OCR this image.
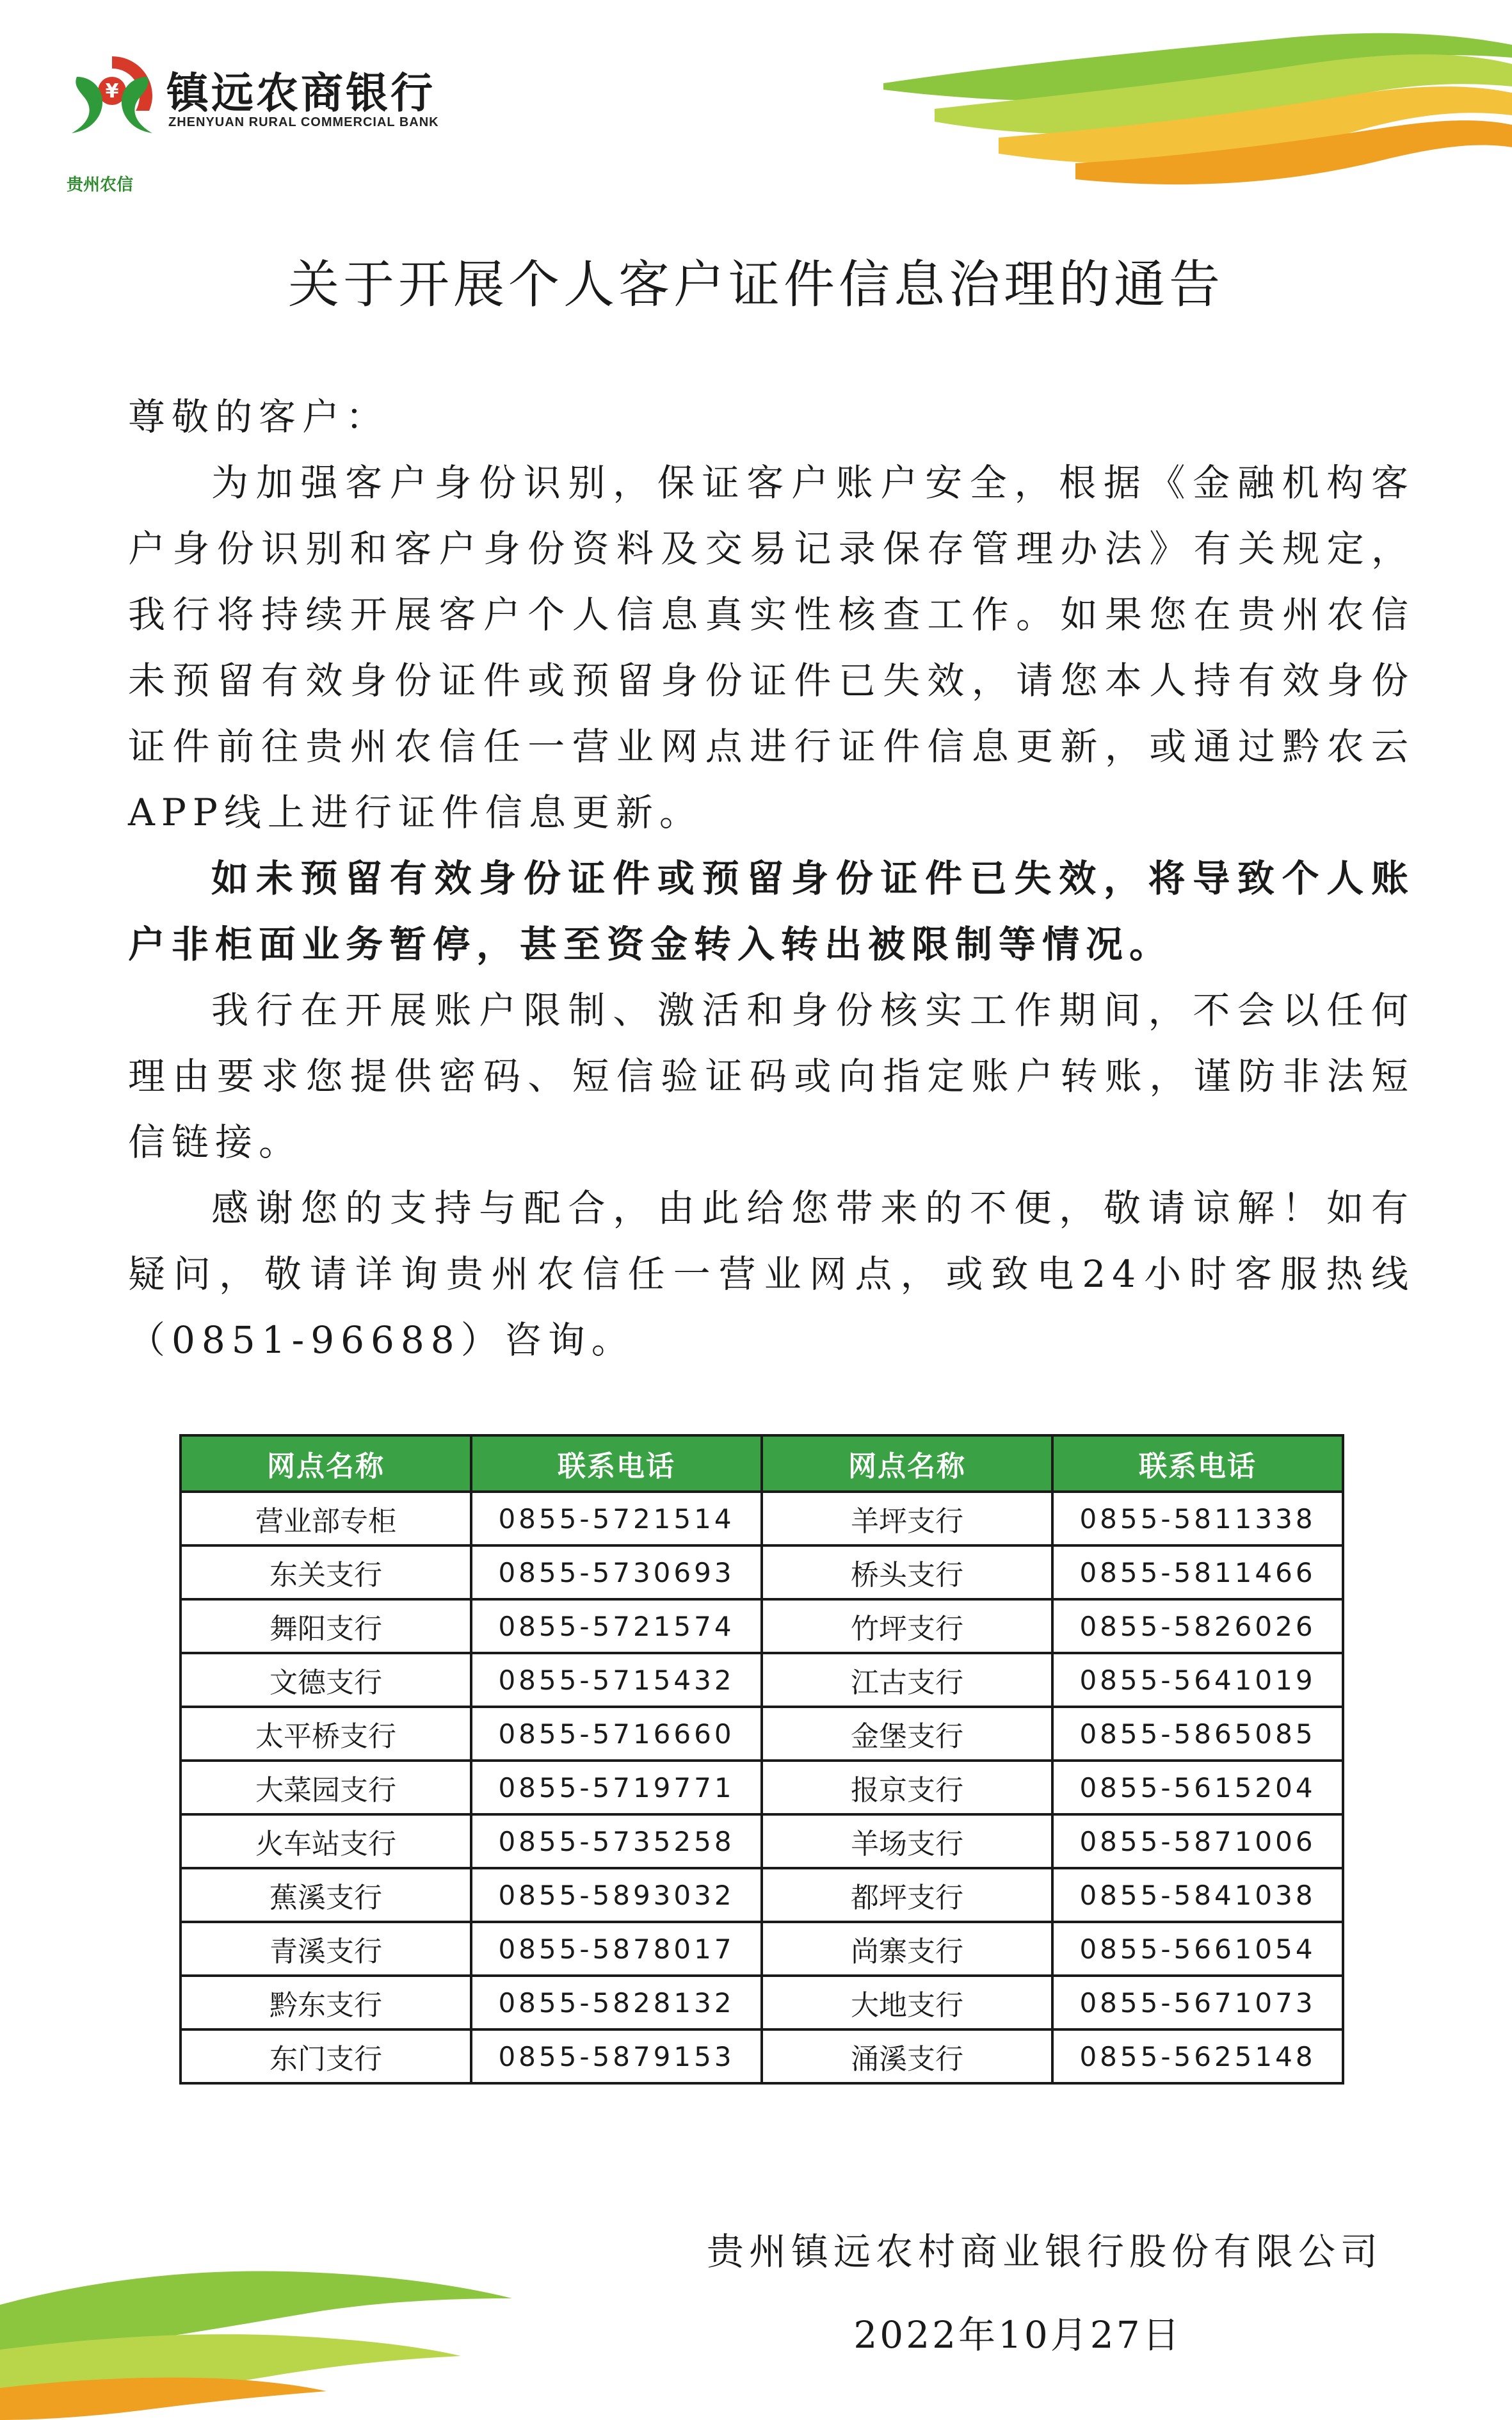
¥ 镇远农商银行
ZHENYUAN RURAL COMMERCIAL BANK
贵州农信
关于开展个人客户证件信息治理的通告

尊敬的客户：

为加强客户身份识别，保证客户账户安全，根据《金融机构客户身份识别和客户身份资料及交易记录保存管理办法》有关规定，我行将持续开展客户个人信息真实性核查工作。如果您在贵州农信未预留有效身份证件或预留身份证件已失效，请您本人持有效身份证件前往贵州农信任一营业网点进行证件信息更新，或通过黔农云APP线上进行证件信息更新。

如未预留有效身份证件或预留身份证件已失效，将导致个人账户非柜面业务暂停，甚至资金转入转出被限制等情况。

我行在开展账户限制、激活和身份核实工作期间，不会以任何理由要求您提供密码、短信验证码或向指定账户转账，谨防非法短信链接。

感谢您的支持与配合，由此给您带来的不便，敬请谅解！如有疑问，敬请详询贵州农信任一营业网点，或致电24小时客服热线（0851-96688）咨询。

网点名称	联系电话	网点名称	联系电话
营业部专柜	0855-5721514	羊坪支行	0855-5811338
东关支行	0855-5730693	桥头支行	0855-5811466
舞阳支行	0855-5721574	竹坪支行	0855-5826026
文德支行	0855-5715432	江古支行	0855-5641019
太平桥支行	0855-5716660	金堡支行	0855-5865085
大菜园支行	0855-5719771	报京支行	0855-5615204
火车站支行	0855-5735258	羊场支行	0855-5871006
蕉溪支行	0855-5893032	都坪支行	0855-5841038
青溪支行	0855-5878017	尚寨支行	0855-5661054
黔东支行	0855-5828132	大地支行	0855-5671073
东门支行	0855-5879153	涌溪支行	0855-5625148
贵州镇远农村商业银行股份有限公司
2022年10月27日
